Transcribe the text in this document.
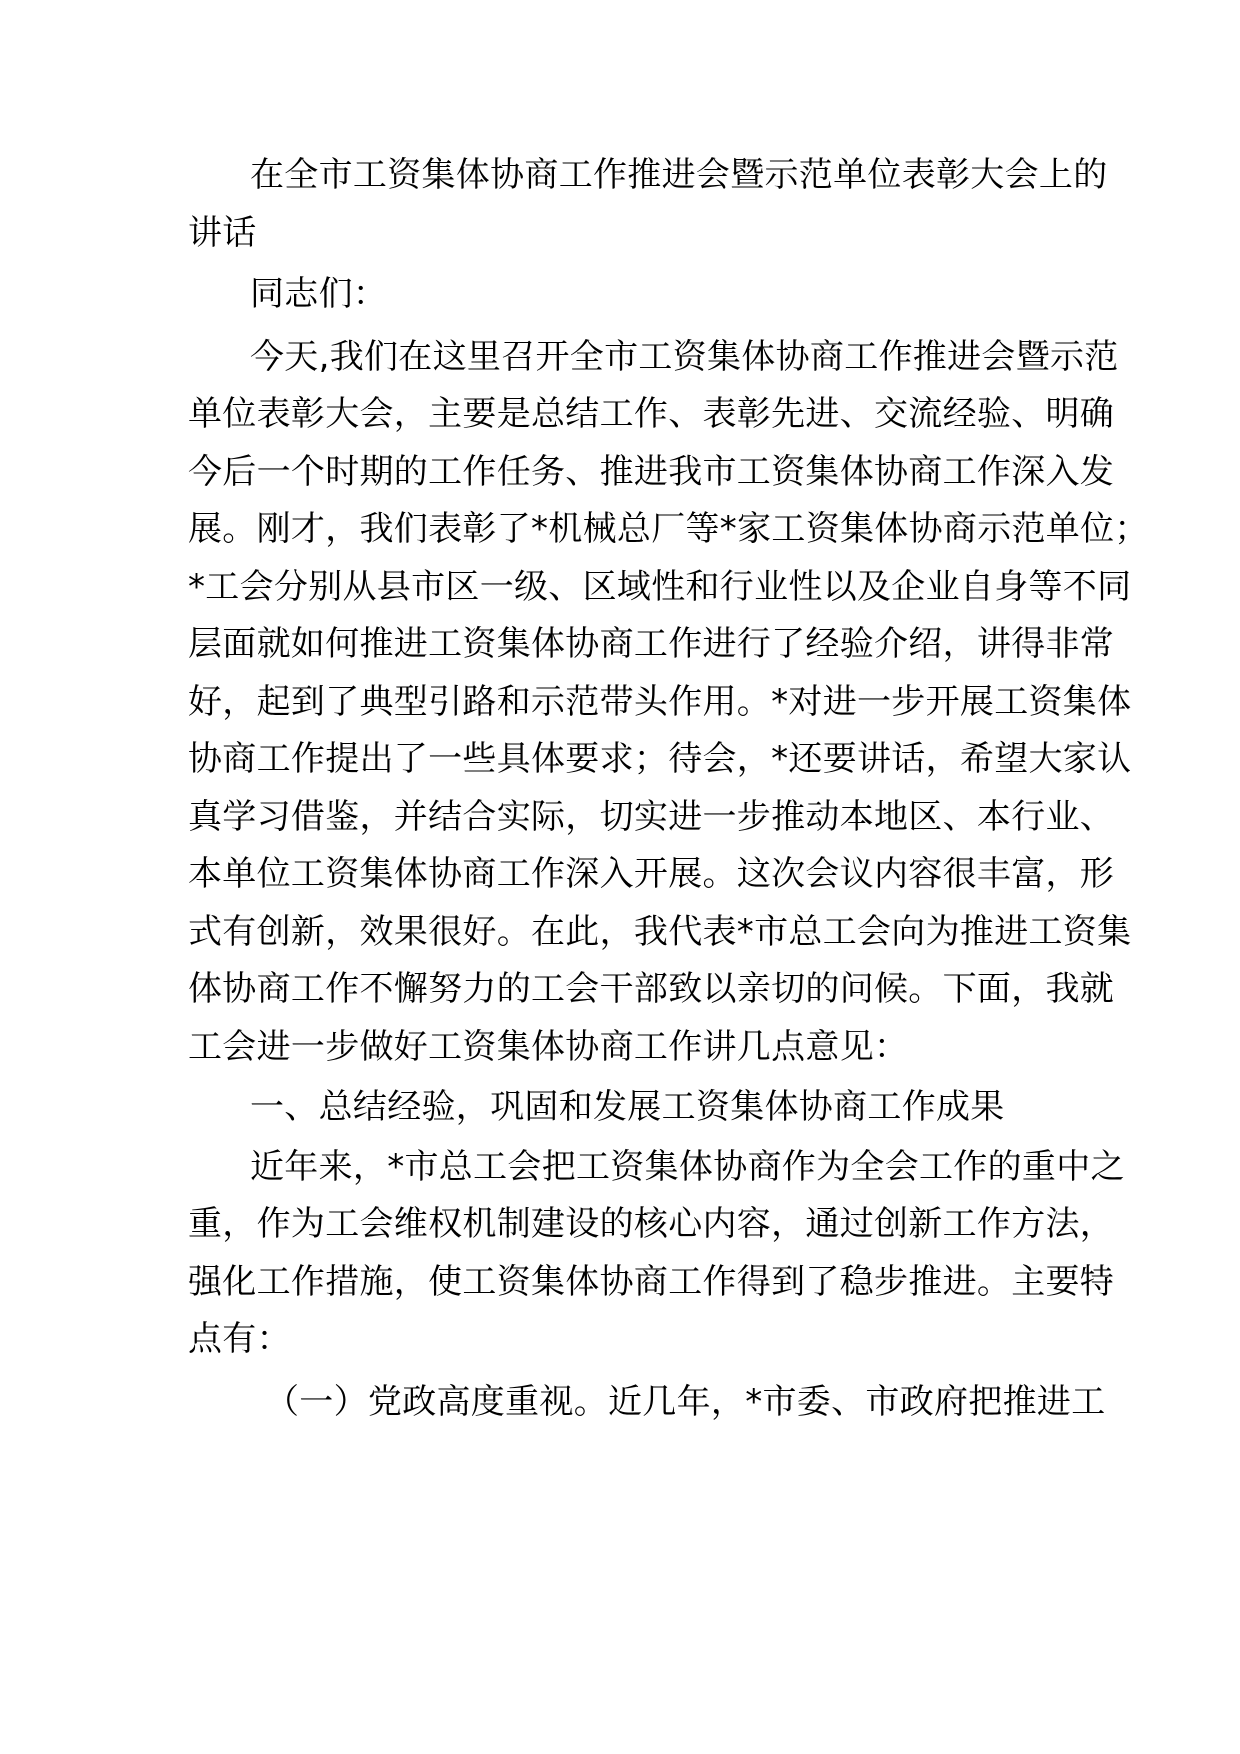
在全市工资集体协商工作推进会暨示范单位表彰大会上的
讲话
同志们：
今天,我们在这里召开全市工资集体协商工作推进会暨示范
单位表彰大会，主要是总结工作、表彰先进、交流经验、明确
今后一个时期的工作任务、推进我市工资集体协商工作深入发
展。刚才，我们表彰了*机械总厂等*家工资集体协商示范单位；
*工会分别从县市区一级、区域性和行业性以及企业自身等不同
层面就如何推进工资集体协商工作进行了经验介绍，讲得非常
好，起到了典型引路和示范带头作用。*对进一步开展工资集体
协商工作提出了一些具体要求；待会，*还要讲话，希望大家认
真学习借鉴，并结合实际，切实进一步推动本地区、本行业、
本单位工资集体协商工作深入开展。这次会议内容很丰富，形
式有创新，效果很好。在此，我代表*市总工会向为推进工资集
体协商工作不懈努力的工会干部致以亲切的问候。下面，我就
工会进一步做好工资集体协商工作讲几点意见：
一、总结经验，巩固和发展工资集体协商工作成果
近年来，*市总工会把工资集体协商作为全会工作的重中之
重，作为工会维权机制建设的核心内容，通过创新工作方法，
强化工作措施，使工资集体协商工作得到了稳步推进。主要特
点有：
（一）党政高度重视。近几年，*市委、市政府把推进工
